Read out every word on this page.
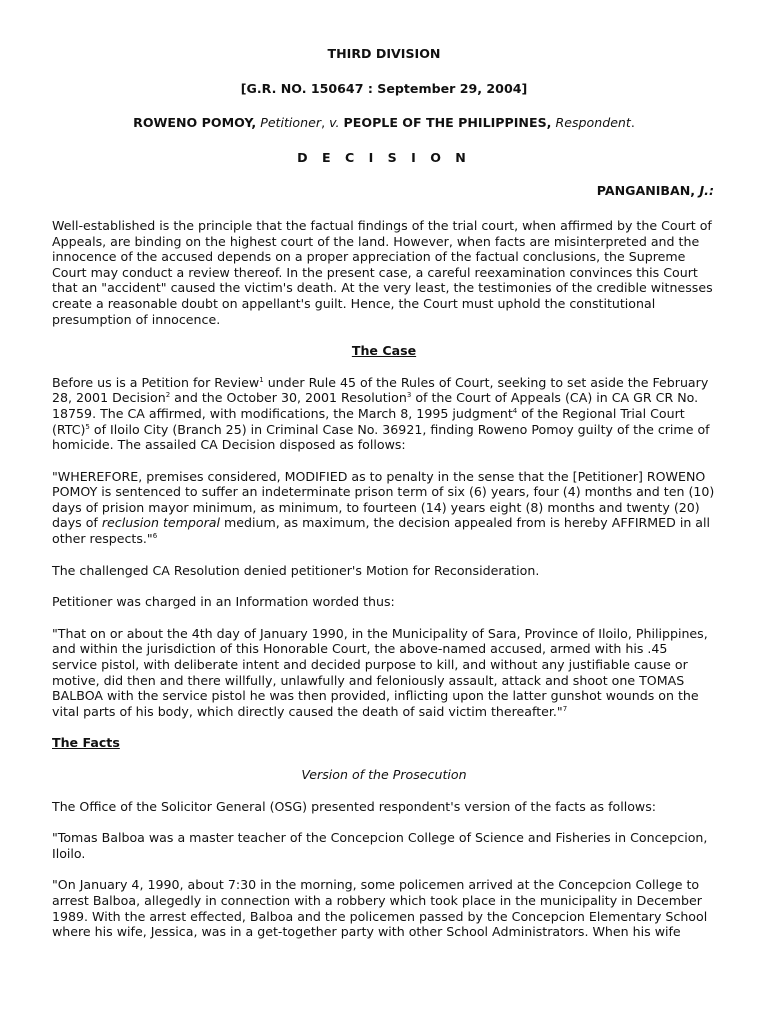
THIRD DIVISION
[G.R. NO. 150647 : September 29, 2004]
ROWENO POMOY, Petitioner, v. PEOPLE OF THE PHILIPPINES, Respondent.
D E C I S I O N
PANGANIBAN, J.:

Well-established is the principle that the factual findings of the trial court, when affirmed by the Court of Appeals, are binding on the highest court of the land. However, when facts are misinterpreted and the innocence of the accused depends on a proper appreciation of the factual conclusions, the Supreme Court may conduct a review thereof. In the present case, a careful reexamination convinces this Court that an "accident" caused the victim's death. At the very least, the testimonies of the credible witnesses create a reasonable doubt on appellant's guilt. Hence, the Court must uphold the constitutional presumption of innocence.

The Case

Before us is a Petition for Review$^1$ under Rule 45 of the Rules of Court, seeking to set aside the February 28, 2001 Decision$^2$ and the October 30, 2001 Resolution$^3$ of the Court of Appeals (CA) in CA GR CR No. 18759. The CA affirmed, with modifications, the March 8, 1995 judgment$^4$ of the Regional Trial Court (RTC)$^5$ of Iloilo City (Branch 25) in Criminal Case No. 36921, finding Roweno Pomoy guilty of the crime of homicide. The assailed CA Decision disposed as follows:

"WHEREFORE, premises considered, MODIFIED as to penalty in the sense that the [Petitioner] ROWENO POMOY is sentenced to suffer an indeterminate prison term of six (6) years, four (4) months and ten (10) days of prision mayor minimum, as minimum, to fourteen (14) years eight (8) months and twenty (20) days of reclusion temporal medium, as maximum, the decision appealed from is hereby AFFIRMED in all other respects."$^6$

The challenged CA Resolution denied petitioner's Motion for Reconsideration.

Petitioner was charged in an Information worded thus:

"That on or about the 4th day of January 1990, in the Municipality of Sara, Province of Iloilo, Philippines, and within the jurisdiction of this Honorable Court, the above-named accused, armed with his .45 service pistol, with deliberate intent and decided purpose to kill, and without any justifiable cause or motive, did then and there willfully, unlawfully and feloniously assault, attack and shoot one TOMAS BALBOA with the service pistol he was then provided, inflicting upon the latter gunshot wounds on the vital parts of his body, which directly caused the death of said victim thereafter."$^7$

The Facts
Version of the Prosecution

The Office of the Solicitor General (OSG) presented respondent's version of the facts as follows:

"Tomas Balboa was a master teacher of the Concepcion College of Science and Fisheries in Concepcion, Iloilo.

"On January 4, 1990, about 7:30 in the morning, some policemen arrived at the Concepcion College to arrest Balboa, allegedly in connection with a robbery which took place in the municipality in December 1989. With the arrest effected, Balboa and the policemen passed by the Concepcion Elementary School where his wife, Jessica, was in a get-together party with other School Administrators. When his wife
